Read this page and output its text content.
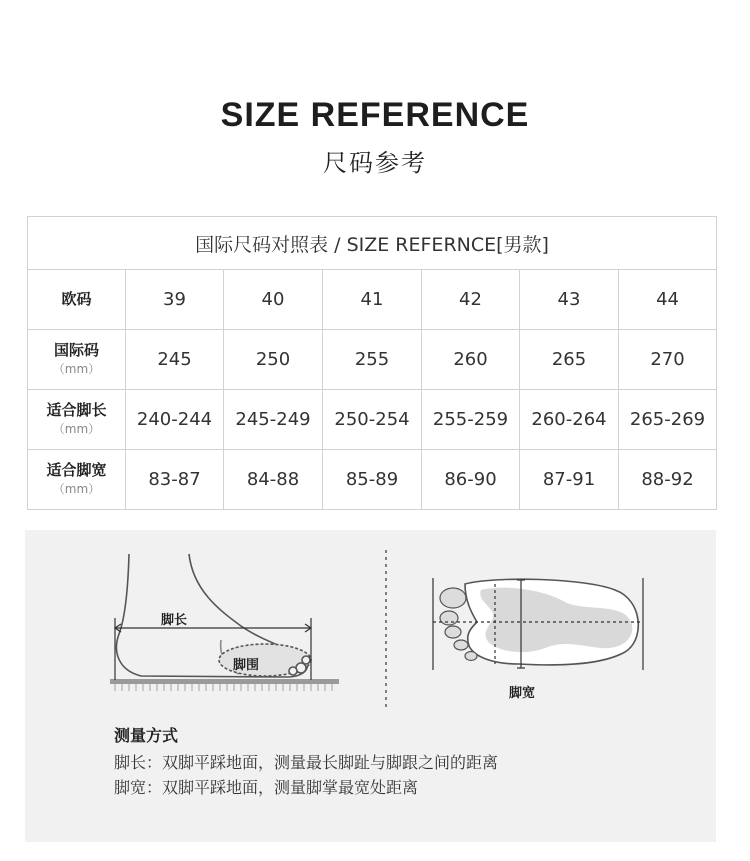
SIZE REFERENCE
尺码参考
国际尺码对照表 / SIZE REFERNCE[男款]						
欧码	39	40	41	42	43	44
国际码
（mm）	245	250	255	260	265	270
适合脚长
（mm）	240-244	245-249	250-254	255-259	260-264	265-269
适合脚宽
（mm）	83-87	84-88	85-89	86-90	87-91	88-92
脚长
脚围
脚宽
测量方式
脚长：双脚平踩地面，测量最长脚趾与脚跟之间的距离
脚宽：双脚平踩地面，测量脚掌最宽处距离
